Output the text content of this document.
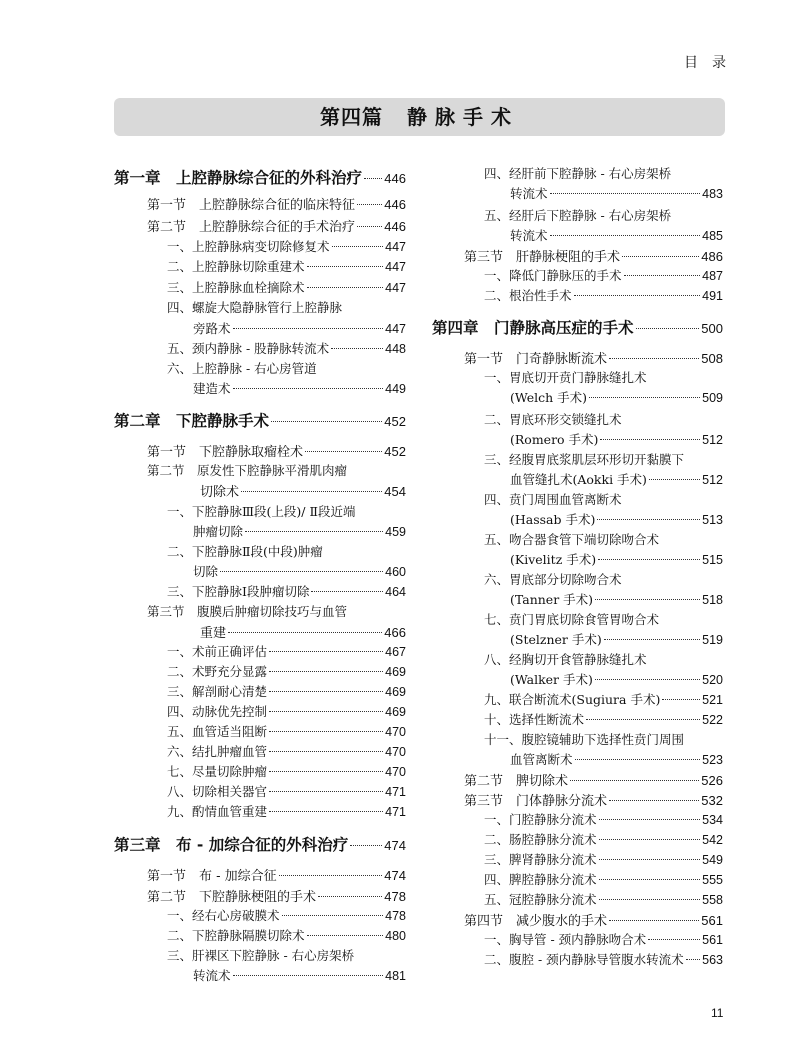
目录
第四篇 静脉手术
第一章　上腔静脉综合征的外科治疗 446
第一节　上腔静脉综合征的临床特征 446
第二节　上腔静脉综合征的手术治疗 446
一、上腔静脉病变切除修复术	447
二、上腔静脉切除重建术	447
三、上腔静脉血栓摘除术	447
四、螺旋大隐静脉管行上腔静脉
旁路术	447
五、颈内静脉 - 股静脉转流术	448
六、上腔静脉 - 右心房管道
建造术	449
第二章　下腔静脉手术	452
第一节　下腔静脉取瘤栓术	452
第二节　原发性下腔静脉平滑肌肉瘤
切除术	454
一、下腔静脉Ⅲ段(上段)/ Ⅱ段近端
肿瘤切除	459
二、下腔静脉Ⅱ段(中段)肿瘤
切除	460
三、下腔静脉Ⅰ段肿瘤切除	464
第三节　腹膜后肿瘤切除技巧与血管
重建	466
一、术前正确评估	467
二、术野充分显露	469
三、解剖耐心清楚	469
四、动脉优先控制	469
五、血管适当阻断	470
六、结扎肿瘤血管	470
七、尽量切除肿瘤	470
八、切除相关器官	471
九、酌情血管重建	471
第三章　布 - 加综合征的外科治疗	474
第一节　布 - 加综合征	474
第二节　下腔静脉梗阻的手术	478
一、经右心房破膜术	478
二、下腔静脉隔膜切除术	480
三、肝裸区下腔静脉 - 右心房架桥
转流术	481
四、经肝前下腔静脉 - 右心房架桥
转流术	483
五、经肝后下腔静脉 - 右心房架桥
转流术	485
第三节　肝静脉梗阻的手术	486
一、降低门静脉压的手术	487
二、根治性手术	491
第四章　门静脉高压症的手术	500
第一节　门奇静脉断流术	508
一、胃底切开贲门静脉缝扎术
(Welch 手术)	509
二、胃底环形交锁缝扎术
(Romero 手术)	512
三、经腹胃底浆肌层环形切开黏膜下
血管缝扎术(Aokki 手术)	512
四、贲门周围血管离断术
(Hassab 手术)	513
五、吻合器食管下端切除吻合术
(Kivelitz 手术)	515
六、胃底部分切除吻合术
(Tanner 手术)	518
七、贲门胃底切除食管胃吻合术
(Stelzner 手术)	519
八、经胸切开食管静脉缝扎术
(Walker 手术)	520
九、联合断流术(Sugiura 手术)	521
十、选择性断流术	522
十一、腹腔镜辅助下选择性贲门周围
血管离断术	523
第二节　脾切除术	526
第三节　门体静脉分流术	532
一、门腔静脉分流术	534
二、肠腔静脉分流术	542
三、脾肾静脉分流术	549
四、脾腔静脉分流术	555
五、冠腔静脉分流术	558
第四节　减少腹水的手术	561
一、胸导管 - 颈内静脉吻合术	561
二、腹腔 - 颈内静脉导管腹水转流术 563
11
